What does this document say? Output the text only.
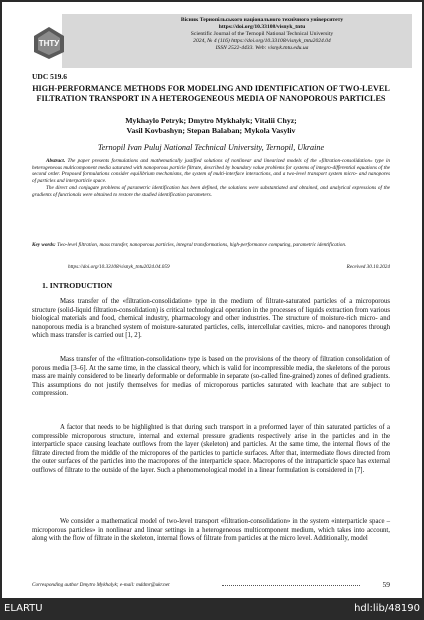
ТНТУ
Вісник Тернопільського національного технічного університету
https://doi.org/10.33108/visnyk_tntu
Scientific Journal of the Ternopil National Technical University
2024, № 4 (116) https://doi.org/10.33108/visnyk_tntu2024.04
ISSN 2522-4433. Web: visnyk.tntu.edu.ua
UDC 519.6
HIGH-PERFORMANCE METHODS FOR MODELING AND IDENTIFICATION OF TWO-LEVEL FILTRATION TRANSPORT IN A HETEROGENEOUS MEDIA OF NANOPOROUS PARTICLES
Mykhaylo Petryk; Dmytro Mykhalyk; Vitalii Chyz;
Vasil Kovbashyn; Stepan Balaban; Mykola Vasyliv
Ternopil Ivan Puluj National Technical University, Ternopil, Ukraine
Abstract. The paper presents formulations and mathematically justified solutions of nonlinear and linearized models of the «filtration-consolidation» type in heterogeneous multicomponent media saturated with nanoporous particle filtrate, described by boundary value problems for systems of integro-differential equations of the second order. Proposed formulations consider equilibrium mechanisms, the system of multi-interface interactions, and a two-level transport system micro- and nanopores of particles and interparticle space.
The direct and conjugate problems of parametric identification has been defined, the solutions were substantiated and obtained, and analytical expressions of the gradients of functionals were obtained to restore the studied identification parameters.
Key words: Two-level filtration, mass transfer, nanoporous particles, integral transformations, high-performance computing, parametric identification.
https://doi.org/10.33108/visnyk_tntu2024.04.059	Received 30.10.2024
1. INTRODUCTION

Mass transfer of the «filtration-consolidation» type in the medium of filtrate-saturated particles of a microporous structure (solid-liquid filtration-consolidation) is critical technological operation in the processes of liquids extraction from various biological materials and food, chemical industry, pharmacology and other industries. The structure of moisture-rich micro- and nanoporous media is a branched system of moisture-saturated particles, cells, intercellular cavities, micro- and nanopores through which mass transfer is carried out [1, 2].

Mass transfer of the «filtration-consolidation» type is based on the provisions of the theory of filtration consolidation of porous media [3–6]. At the same time, in the classical theory, which is valid for incompressible media, the skeletons of the porous mass are mainly considered to be linearly deformable or deformable in separate (so-called fine-grained) zones of defined gradients. This assumptions do not justify themselves for medias of microporous particles saturated with leachate that are subject to compression.

A factor that needs to be highlighted is that during such transport in a preformed layer of thin saturated particles of a compressible microporous structure, internal and external pressure gradients respectively arise in the particles and in the interparticle space causing leachate outflows from the layer (skeleton) and particles. At the same time, the internal flows of the filtrate directed from the middle of the micropores of the particles to particle surfaces. After that, intermediate flows directed from the outer surfaces of the particles into the macropores of the interparticle space. Macropores of the intraparticle space has external outflows of filtrate to the outside of the layer. Such a phenomenological model in a linear formulation is considered in [7].

We consider a mathematical model of two-level transport «filtration-consolidation» in the system «interparticle space – microporous particles» in nonlinear and linear settings in a heterogeneous multicomponent medium, which takes into account, along with the flow of filtrate in the skeleton, internal flows of filtrate from particles at the micro level. Additionally, model

Corresponding author Dmytro Mykhalyk; e-mail: mddmr@ukr.net	59
ELARTU	hdl:lib/48190
